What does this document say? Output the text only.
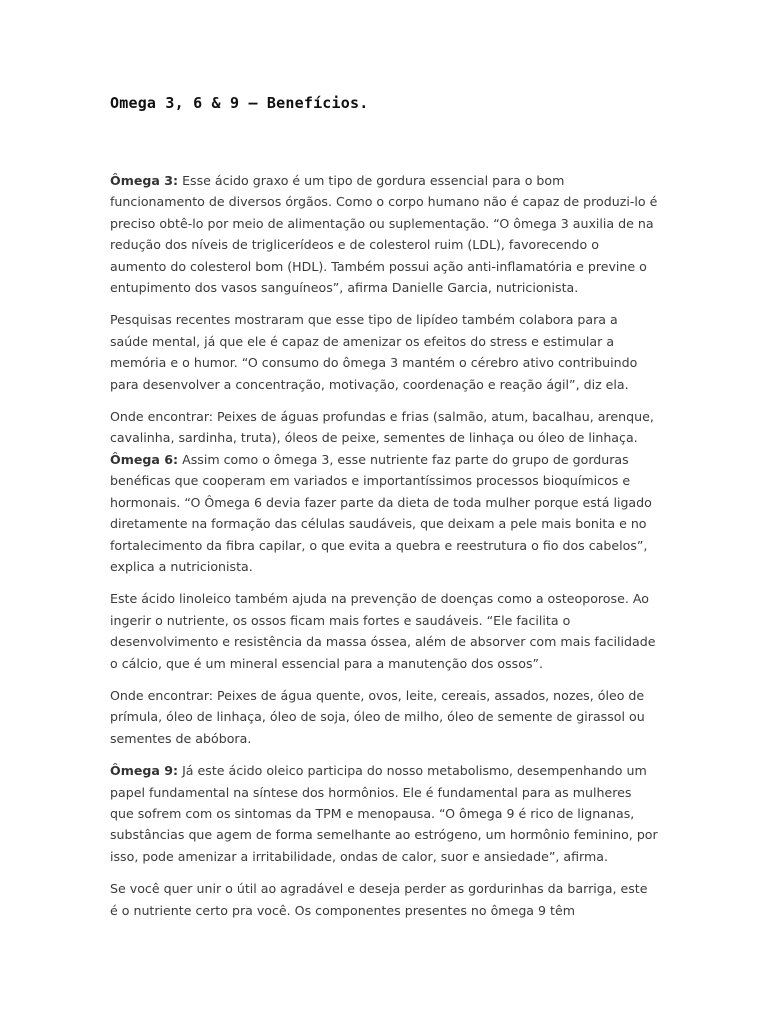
Omega 3, 6 & 9 – Benefícios.

Ômega 3: Esse ácido graxo é um tipo de gordura essencial para o bom funcionamento de diversos órgãos. Como o corpo humano não é capaz de produzi-lo é preciso obtê-lo por meio de alimentação ou suplementação. “O ômega 3 auxilia de na redução dos níveis de triglicerídeos e de colesterol ruim (LDL), favorecendo o aumento do colesterol bom (HDL). Também possui ação anti-inflamatória e previne o entupimento dos vasos sanguíneos”, afirma Danielle Garcia, nutricionista.

Pesquisas recentes mostraram que esse tipo de lipídeo também colabora para a saúde mental, já que ele é capaz de amenizar os efeitos do stress e estimular a memória e o humor. “O consumo do ômega 3 mantém o cérebro ativo contribuindo para desenvolver a concentração, motivação, coordenação e reação ágil”, diz ela.

Onde encontrar: Peixes de águas profundas e frias (salmão, atum, bacalhau, arenque, cavalinha, sardinha, truta), óleos de peixe, sementes de linhaça ou óleo de linhaça.

Ômega 6: Assim como o ômega 3, esse nutriente faz parte do grupo de gorduras benéficas que cooperam em variados e importantíssimos processos bioquímicos e hormonais. “O Ômega 6 devia fazer parte da dieta de toda mulher porque está ligado diretamente na formação das células saudáveis, que deixam a pele mais bonita e no fortalecimento da fibra capilar, o que evita a quebra e reestrutura o fio dos cabelos”, explica a nutricionista.

Este ácido linoleico também ajuda na prevenção de doenças como a osteoporose. Ao ingerir o nutriente, os ossos ficam mais fortes e saudáveis. “Ele facilita o desenvolvimento e resistência da massa óssea, além de absorver com mais facilidade o cálcio, que é um mineral essencial para a manutenção dos ossos”.

Onde encontrar: Peixes de água quente, ovos, leite, cereais, assados, nozes, óleo de prímula, óleo de linhaça, óleo de soja, óleo de milho, óleo de semente de girassol ou sementes de abóbora.

Ômega 9: Já este ácido oleico participa do nosso metabolismo, desempenhando um papel fundamental na síntese dos hormônios. Ele é fundamental para as mulheres que sofrem com os sintomas da TPM e menopausa. “O ômega 9 é rico de lignanas, substâncias que agem de forma semelhante ao estrógeno, um hormônio feminino, por isso, pode amenizar a irritabilidade, ondas de calor, suor e ansiedade”, afirma.

Se você quer unir o útil ao agradável e deseja perder as gordurinhas da barriga, este é o nutriente certo pra você. Os componentes presentes no ômega 9 têm
